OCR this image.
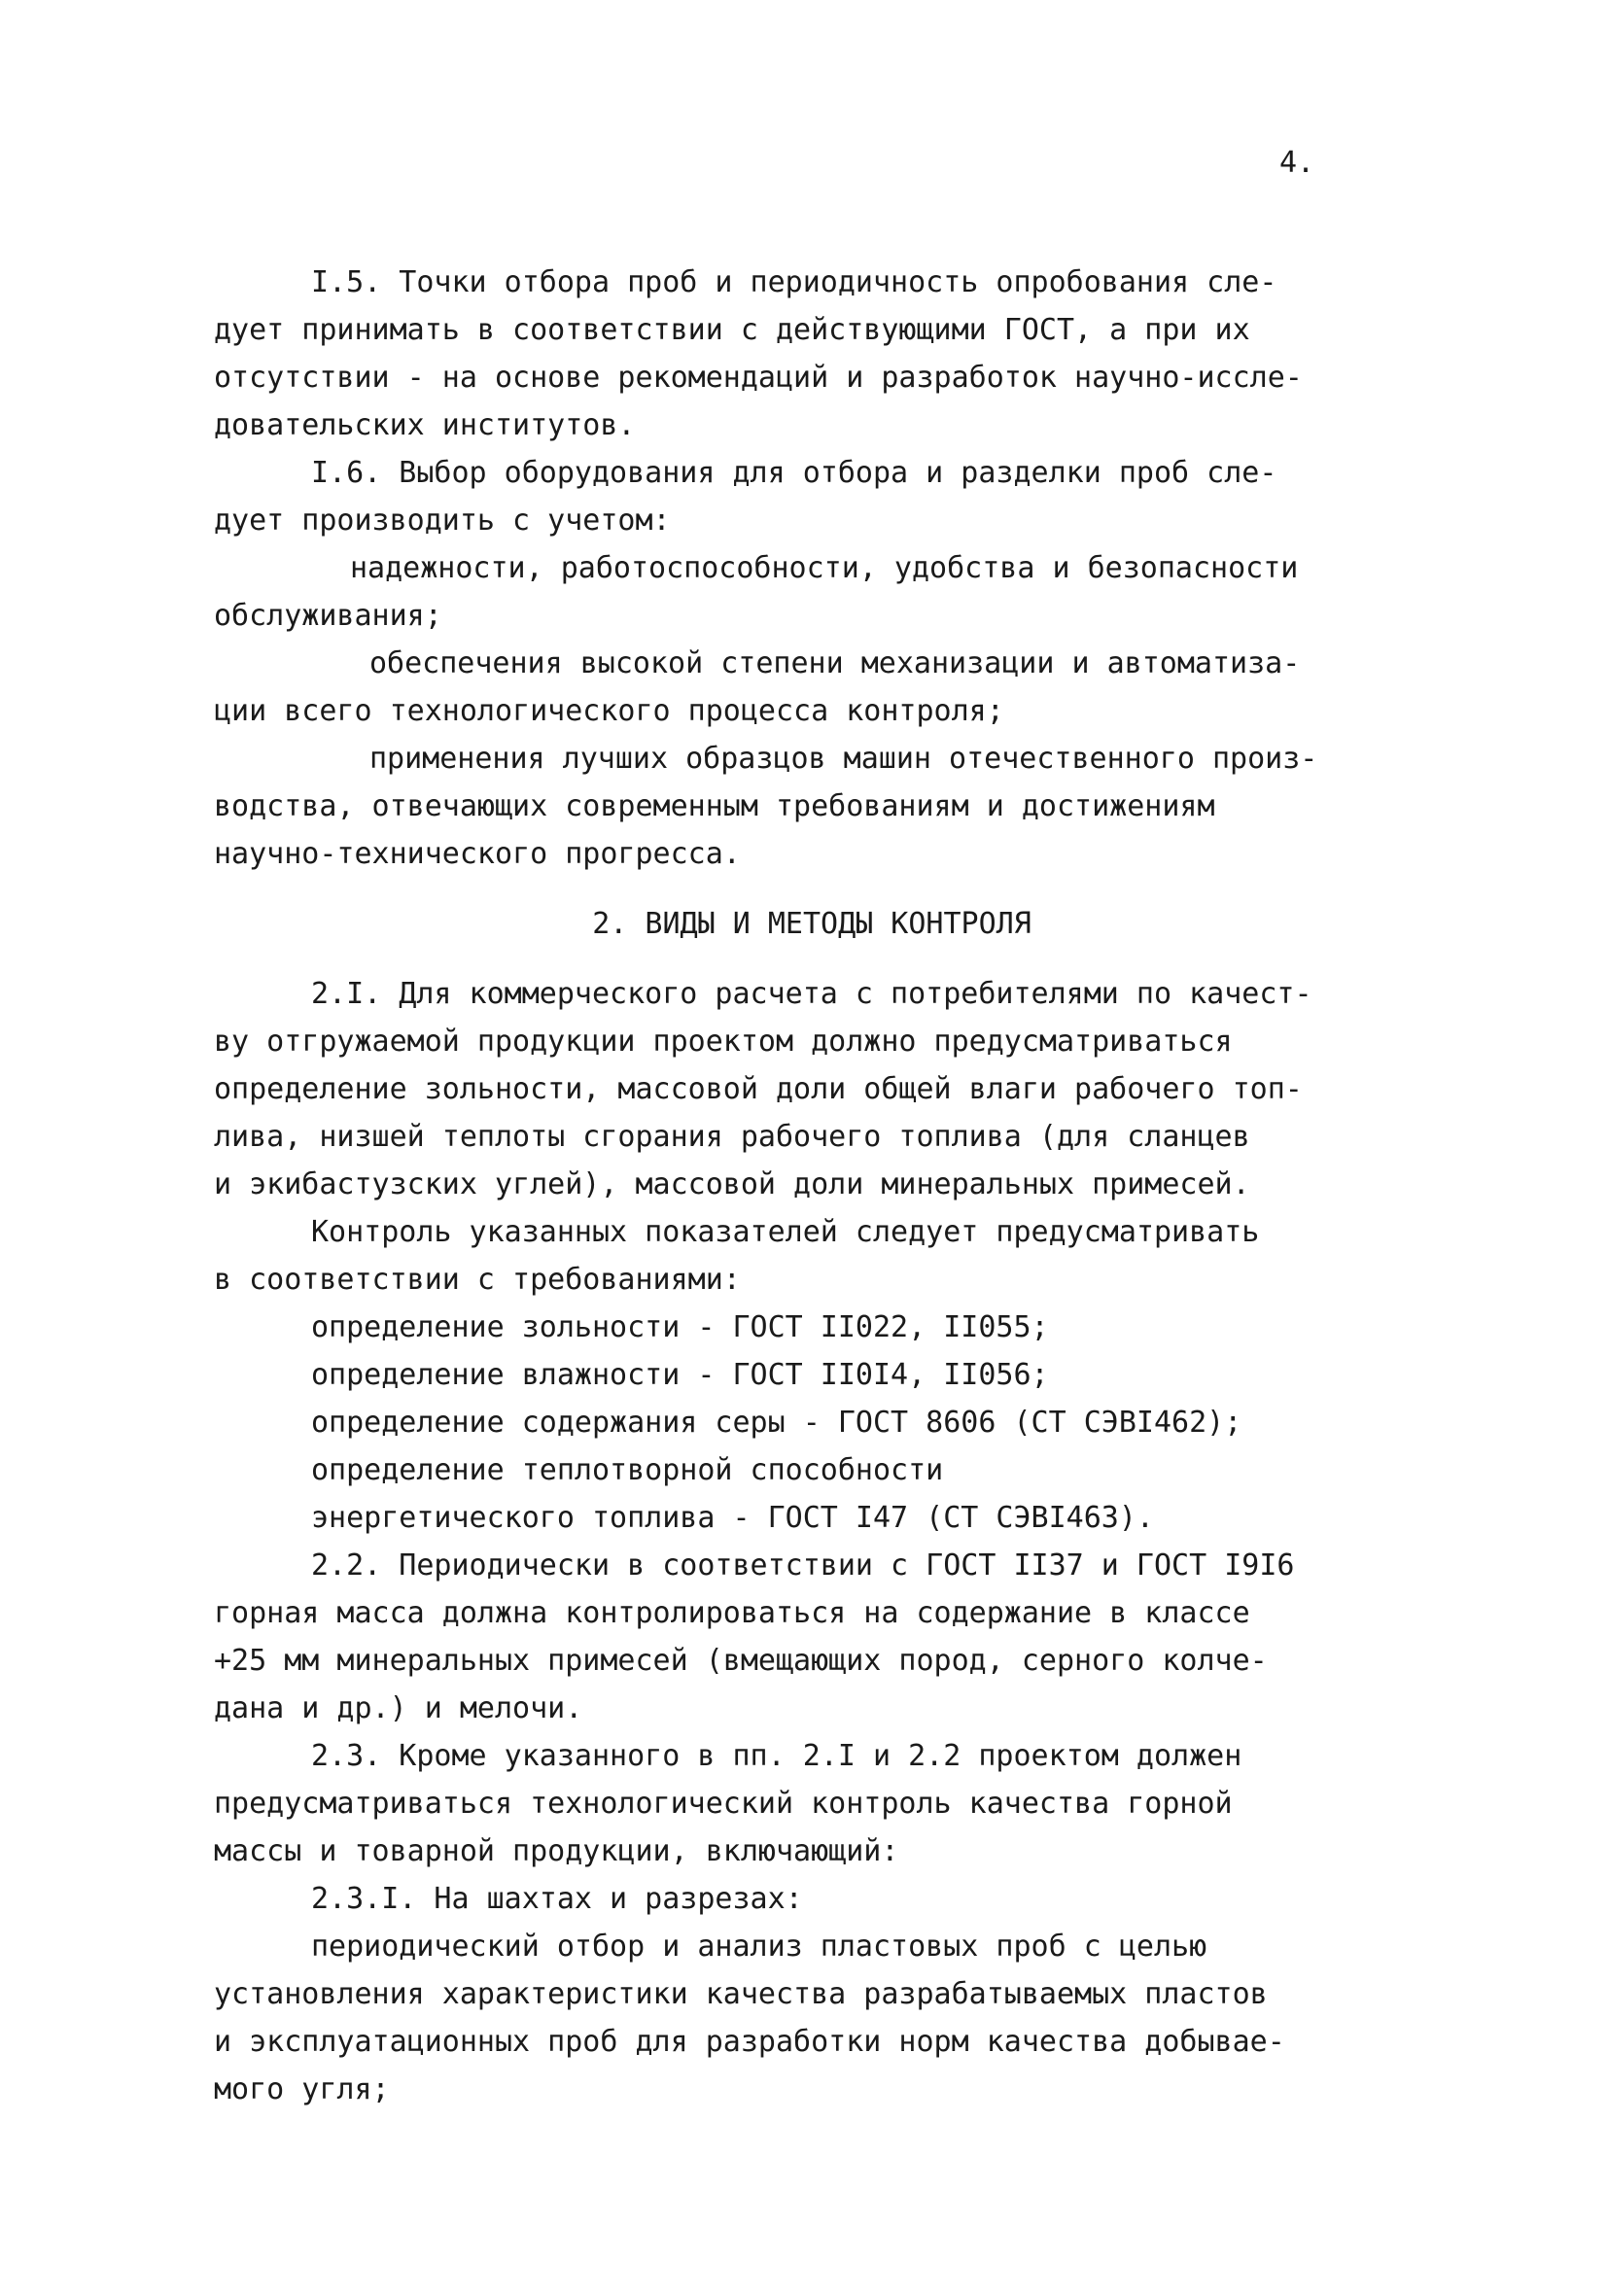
4.
I.5. Точки отбора проб и периодичность опробования сле-
дует принимать в соответствии с действующими ГОСТ, а при их
отсутствии - на основе рекомендаций и разработок научно-иссле-
довательских институтов.
I.6. Выбор оборудования для отбора и разделки проб сле-
дует производить с учетом:
надежности, работоспособности, удобства и безопасности
обслуживания;
обеспечения высокой степени механизации и автоматиза-
ции всего технологического процесса контроля;
применения лучших образцов машин отечественного произ-
водства, отвечающих современным требованиям и достижениям
научно-технического прогресса.
2. ВИДЫ И МЕТОДЫ КОНТРОЛЯ
2.I. Для коммерческого расчета с потребителями по качест-
ву отгружаемой продукции проектом должно предусматриваться
определение зольности, массовой доли общей влаги рабочего топ-
лива, низшей теплоты сгорания рабочего топлива (для сланцев
и экибастузских углей), массовой доли минеральных примесей.
Контроль указанных показателей следует предусматривать
в соответствии с требованиями:
определение зольности - ГОСТ II022, II055;
определение влажности - ГОСТ II0I4, II056;
определение содержания серы - ГОСТ 8606 (СТ СЭВI462);
определение теплотворной способности
энергетического топлива - ГОСТ I47 (СТ СЭВI463).
2.2. Периодически в соответствии с ГОСТ II37 и ГОСТ I9I6
горная масса должна контролироваться на содержание в классе
+25 мм минеральных примесей (вмещающих пород, серного колче-
дана и др.) и мелочи.
2.3. Кроме указанного в пп. 2.I и 2.2 проектом должен
предусматриваться технологический контроль качества горной
массы и товарной продукции, включающий:
2.3.I. На шахтах и разрезах:
периодический отбор и анализ пластовых проб с целью
установления характеристики качества разрабатываемых пластов
и эксплуатационных проб для разработки норм качества добывае-
мого угля;
